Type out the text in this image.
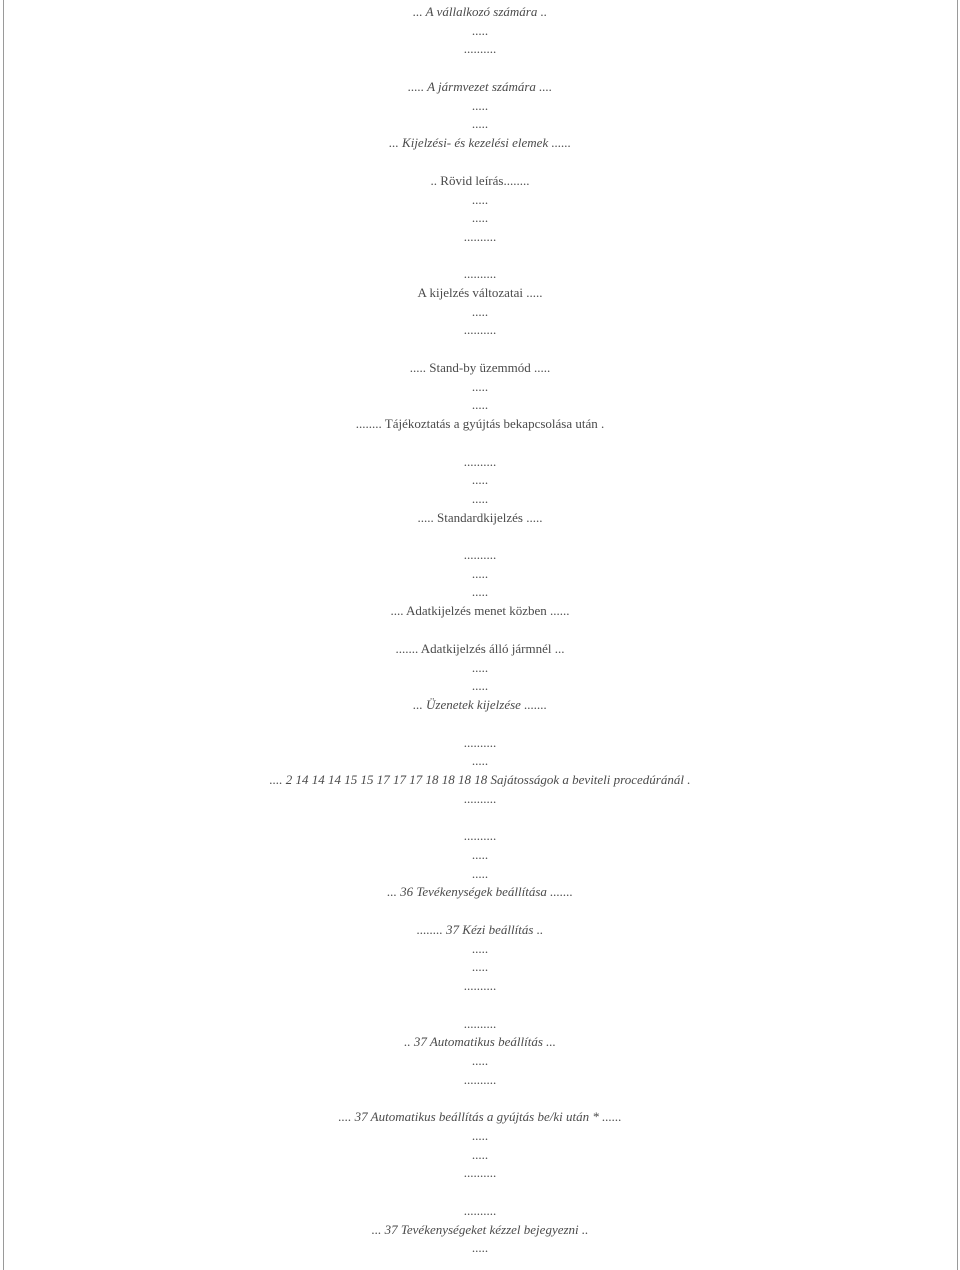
... A vállalkozó számára ..
.....
..........
..... A jármvezet számára ....
.....
.....
... Kijelzési- és kezelési elemek ......
.. Rövid leírás........
.....
.....
..........
..........
A kijelzés változatai .....
.....
..........
..... Stand-by üzemmód .....
.....
.....
........ Tájékoztatás a gyújtás bekapcsolása után .
..........
.....
.....
..... Standardkijelzés .....
..........
.....
.....
.... Adatkijelzés menet közben ......
....... Adatkijelzés álló jármnél ...
.....
.....
... Üzenetek kijelzése .......
..........
.....
.... 2 14 14 14 15 15 17 17 17 18 18 18 18 Sajátosságok a beviteli procedúránál .
..........
..........
.....
.....
... 36 Tevékenységek beállítása .......
........ 37 Kézi beállítás ..
.....
.....
..........
..........
.. 37 Automatikus beállítás ...
.....
..........
.... 37 Automatikus beállítás a gyújtás be/ki után * ......
.....
.....
..........
..........
... 37 Tevékenységeket kézzel bejegyezni ..
.....
